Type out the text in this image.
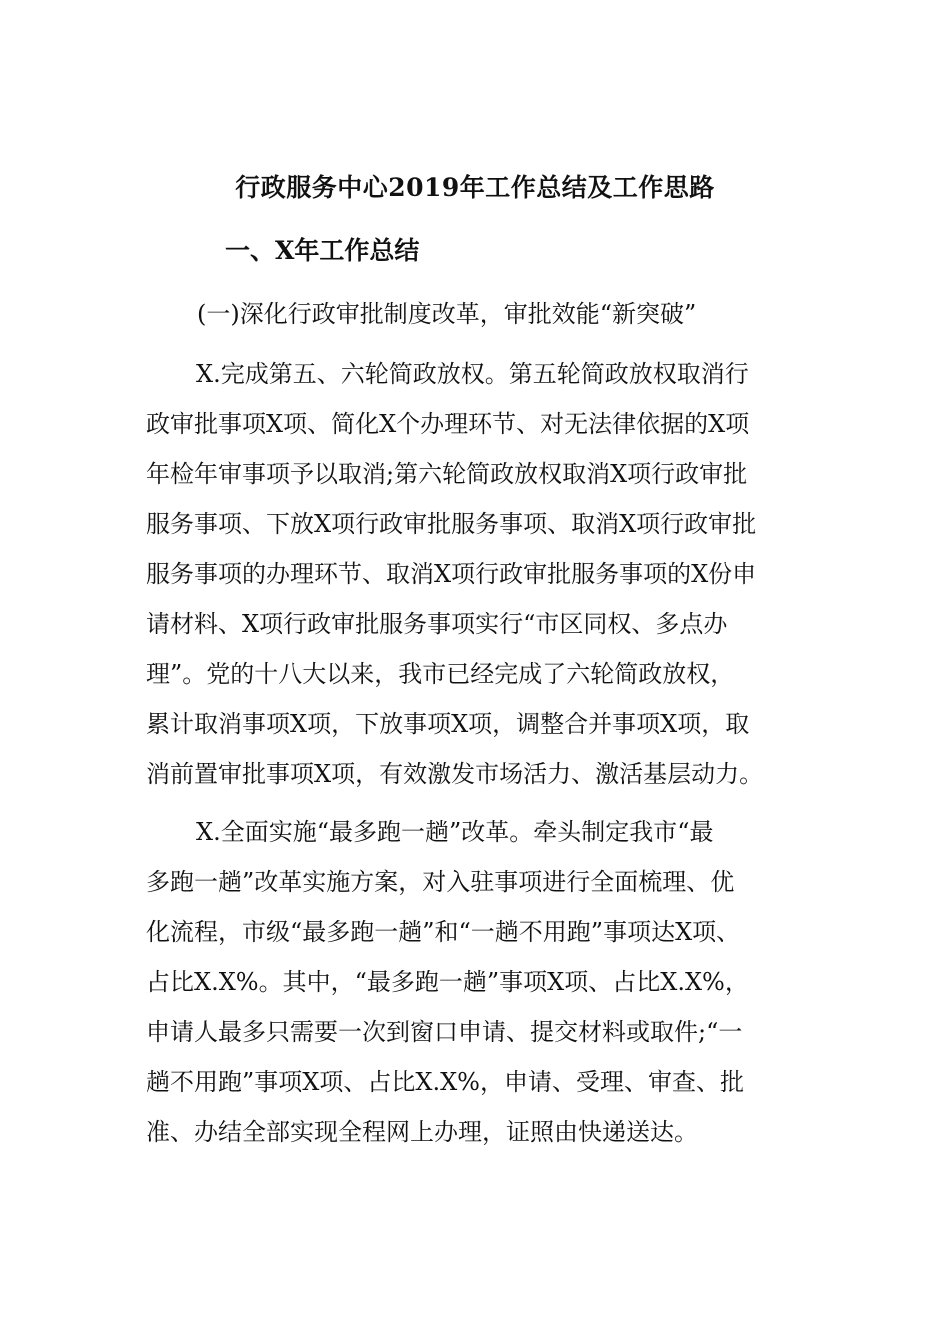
行政服务中心2019年工作总结及工作思路
一、X年工作总结
(一)深化行政审批制度改革，审批效能“新突破”
X.完成第五、六轮简政放权。第五轮简政放权取消行
政审批事项X项、简化X个办理环节、对无法律依据的X项
年检年审事项予以取消;第六轮简政放权取消X项行政审批
服务事项、下放X项行政审批服务事项、取消X项行政审批
服务事项的办理环节、取消X项行政审批服务事项的X份申
请材料、X项行政审批服务事项实行“市区同权、多点办
理”。党的十八大以来，我市已经完成了六轮简政放权，
累计取消事项X项，下放事项X项，调整合并事项X项，取
消前置审批事项X项，有效激发市场活力、激活基层动力。
X.全面实施“最多跑一趟”改革。牵头制定我市“最
多跑一趟”改革实施方案，对入驻事项进行全面梳理、优
化流程，市级“最多跑一趟”和“一趟不用跑”事项达X项、
占比X.X%。其中，“最多跑一趟”事项X项、占比X.X%，
申请人最多只需要一次到窗口申请、提交材料或取件;“一
趟不用跑”事项X项、占比X.X%，申请、受理、审查、批
准、办结全部实现全程网上办理，证照由快递送达。
